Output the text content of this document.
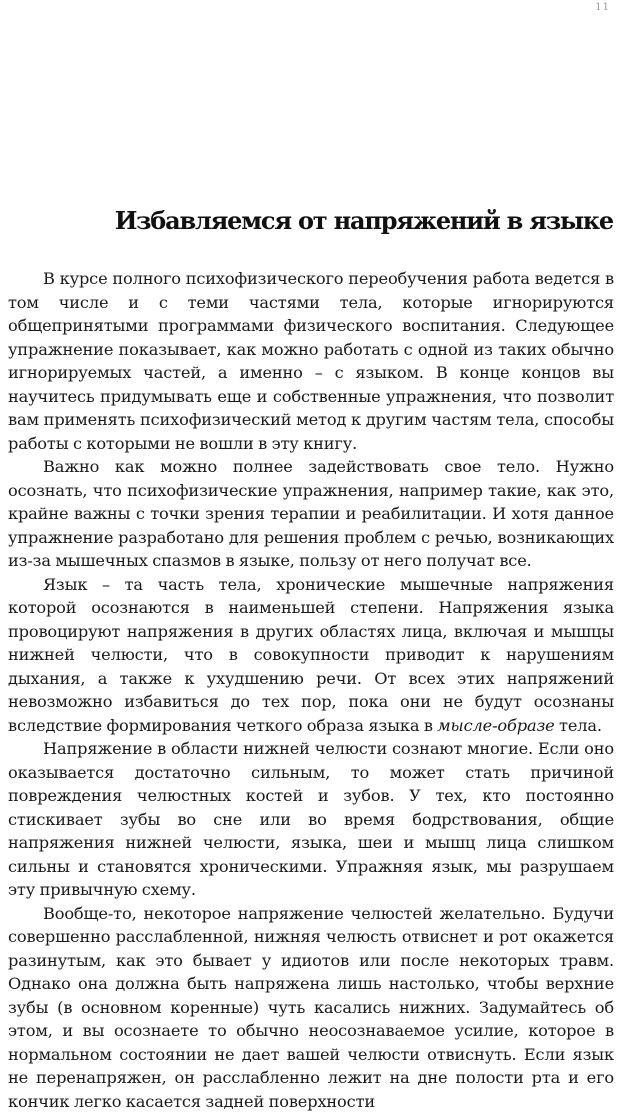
11
Избавляемся от напряжений в языке

В курсе полного психофизического переобучения работа ведется в том числе и с теми частями тела, которые игнорируются общепринятыми программами физического воспитания. Следующее упражнение показывает, как можно работать с одной из таких обычно игнорируемых частей, а именно – с языком. В конце концов вы научитесь придумывать еще и собственные упражнения, что позволит вам применять психофизический метод к другим частям тела, способы работы с которыми не вошли в эту книгу.

Важно как можно полнее задействовать свое тело. Нужно осознать, что психофизические упражнения, например такие, как это, крайне важны с точки зрения терапии и реабилитации. И хотя данное упражнение разработано для решения проблем с речью, возникающих из-за мышечных спазмов в языке, пользу от него получат все.

Язык – та часть тела, хронические мышечные напряжения которой осознаются в наименьшей степени. Напряжения языка провоцируют напряжения в других областях лица, включая и мышцы нижней челюсти, что в совокупности приводит к нарушениям дыхания, а также к ухудшению речи. От всех этих напряжений невозможно избавиться до тех пор, пока они не будут осознаны вследствие формирования четкого образа языка в мысле-образе тела.

Напряжение в области нижней челюсти сознают многие. Если оно оказывается достаточно сильным, то может стать причиной повреждения челюстных костей и зубов. У тех, кто постоянно стискивает зубы во сне или во время бодрствования, общие напряжения нижней челюсти, языка, шеи и мышц лица слишком сильны и становятся хроническими. Упражняя язык, мы разрушаем эту привычную схему.

Вообще-то, некоторое напряжение челюстей желательно. Будучи совершенно расслабленной, нижняя челюсть отвиснет и рот окажется разинутым, как это бывает у идиотов или после некоторых травм. Однако она должна быть напряжена лишь настолько, чтобы верхние зубы (в основном коренные) чуть касались нижних. Задумайтесь об этом, и вы осознаете то обычно неосознаваемое усилие, которое в нормальном состоянии не дает вашей челюсти отвиснуть. Если язык не перенапряжен, он расслабленно лежит на дне полости рта и его кончик легко касается задней поверхности
